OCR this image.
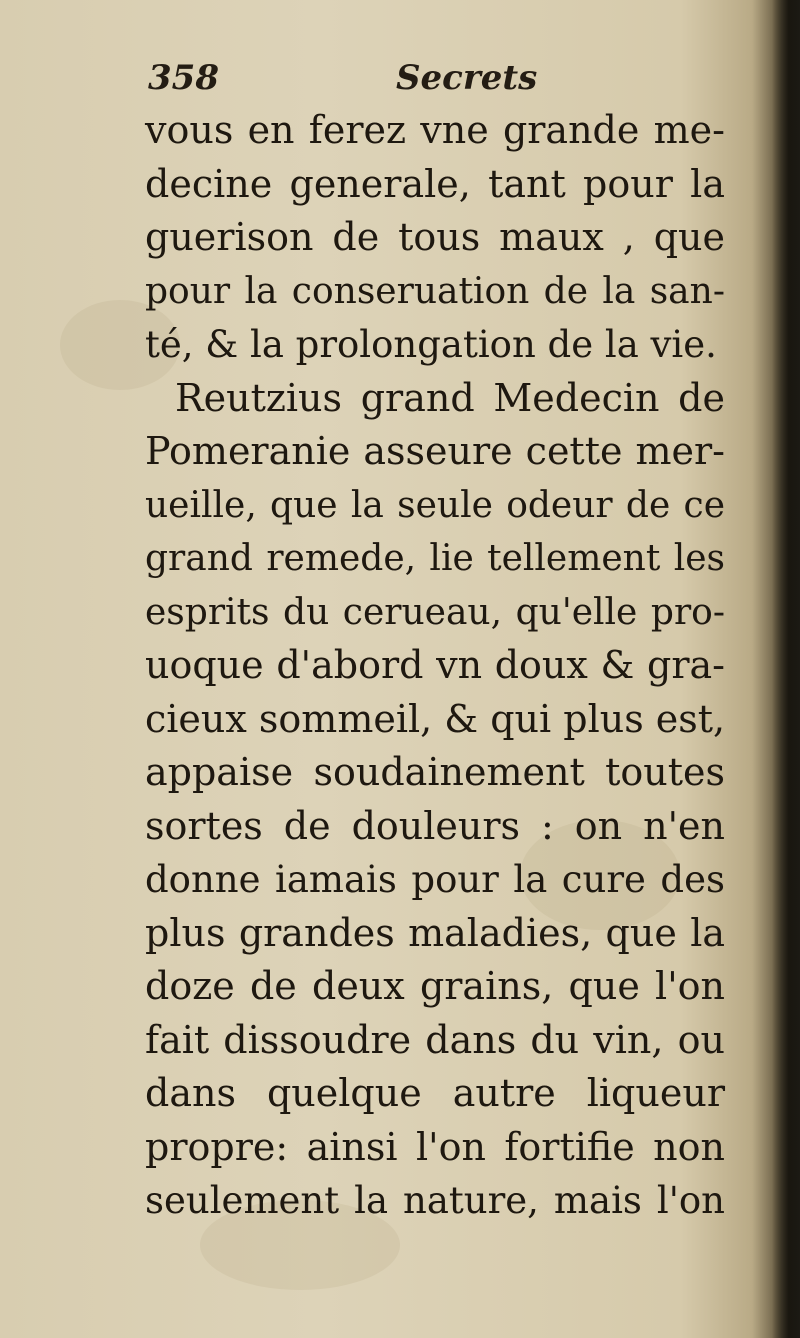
358	Secrets
vous en ferez vne grande me-
decine generale, tant pour la
guerison de tous maux , que
pour la conseruation de la san-
té, & la prolongation de la vie.
Reutzius grand Medecin de
Pomeranie asseure cette mer-
ueille, que la seule odeur de ce
grand remede, lie tellement les
esprits du cerueau, qu'elle pro-
uoque d'abord vn doux & gra-
cieux sommeil, & qui plus est,
appaise soudainement toutes
sortes de douleurs : on n'en
donne iamais pour la cure des
plus grandes maladies, que la
doze de deux grains, que l'on
fait dissoudre dans du vin, ou
dans quelque autre liqueur
propre: ainsi l'on fortifie non
seulement la nature, mais l'on
